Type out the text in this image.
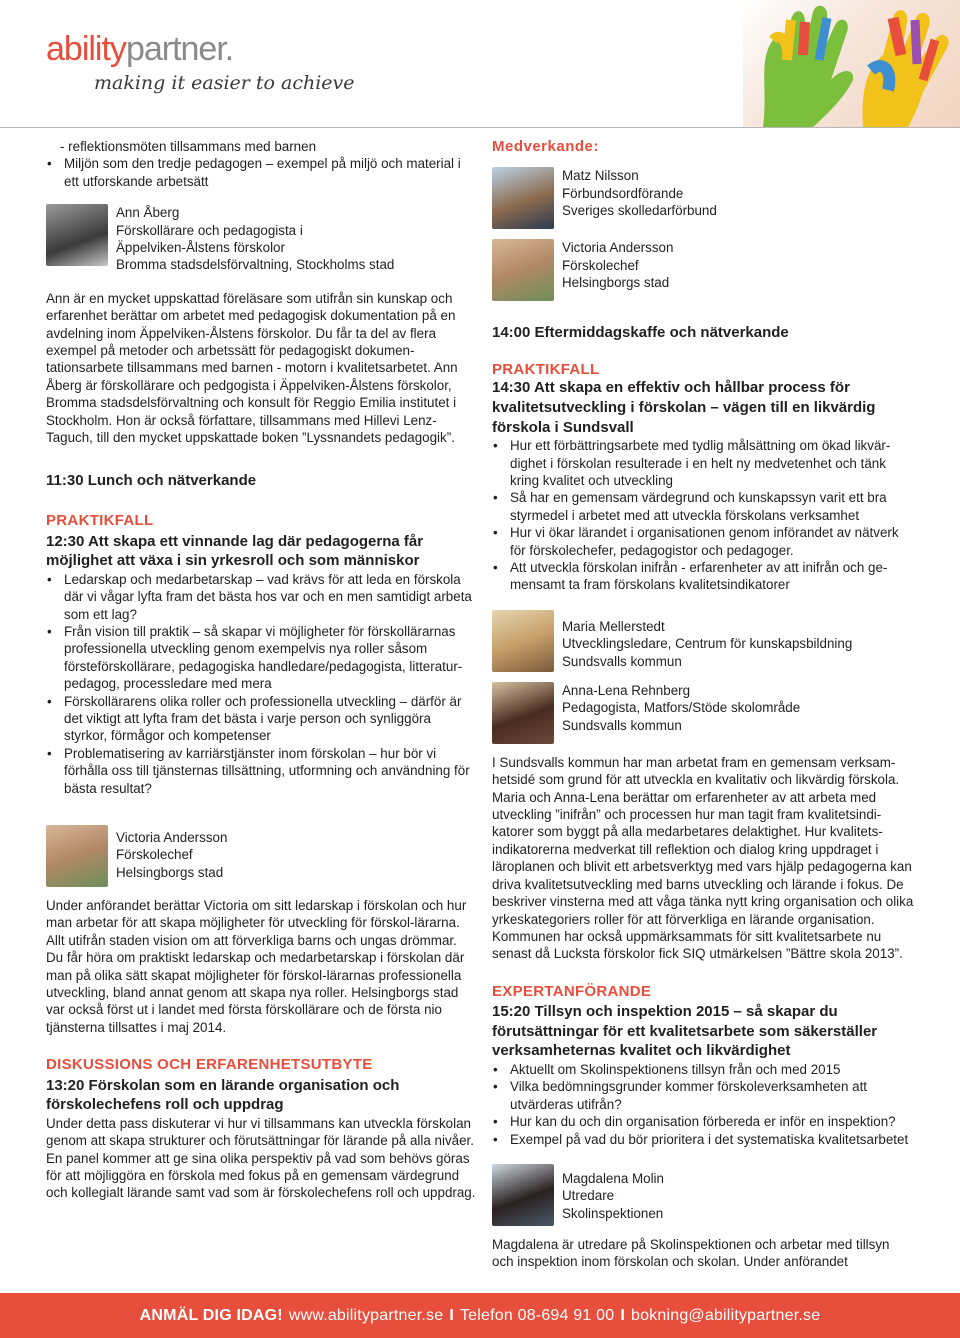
abilitypartner.
making it easier to achieve

- reflektionsmöten tillsammans med barnen

• Miljön som den tredje pedagogen – exempel på miljö och material i ett utforskande arbetsätt
Ann Åberg
Förskollärare och pedagogista i
Äppelviken-Ålstens förskolor
Bromma stadsdelsförvaltning, Stockholms stad

Ann är en mycket uppskattad föreläsare som utifrån sin kunskap och erfarenhet berättar om arbetet med pedagogisk dokumentation på en avdelning inom Äppelviken-Ålstens förskolor. Du får ta del av flera exempel på metoder och arbetssätt för pedagogiskt dokumen-tationsarbete tillsammans med barnen - motorn i kvalitetsarbetet. Ann Åberg är förskollärare och pedgogista i Äppelviken-Ålstens förskolor, Bromma stadsdelsförvaltning och konsult för Reggio Emilia institutet i Stockholm. Hon är också författare, tillsammans med Hillevi Lenz-Taguch, till den mycket uppskattade boken ”Lyssnandets pedagogik”.

11:30 Lunch och nätverkande

PRAKTIKFALL

12:30 Att skapa ett vinnande lag där pedagogerna får möjlighet att växa i sin yrkesroll och som människor

• Ledarskap och medarbetarskap – vad krävs för att leda en förskola där vi vågar lyfta fram det bästa hos var och en men samtidigt arbeta som ett lag?
• Från vision till praktik – så skapar vi möjligheter för förskollärarnas professionella utveckling genom exempelvis nya roller såsom försteförskollärare, pedagogiska handledare/pedagogista, litteratur-pedagog, processledare med mera
• Förskollärarens olika roller och professionella utveckling – därför är det viktigt att lyfta fram det bästa i varje person och synliggöra styrkor, förmågor och kompetenser
• Problematisering av karriärstjänster inom förskolan – hur bör vi förhålla oss till tjänsternas tillsättning, utformning och användning för bästa resultat?
Victoria Andersson
Förskolechef
Helsingborgs stad

Under anförandet berättar Victoria om sitt ledarskap i förskolan och hur man arbetar för att skapa möjligheter för utveckling för förskol-lärarna. Allt utifrån staden vision om att förverkliga barns och ungas drömmar. Du får höra om praktiskt ledarskap och medarbetarskap i förskolan där man på olika sätt skapat möjligheter för förskol-lärarnas professionella utveckling, bland annat genom att skapa nya roller. Helsingborgs stad var också först ut i landet med första förskollärare och de första nio tjänsterna tillsattes i maj 2014.

DISKUSSIONS OCH ERFARENHETSUTBYTE

13:20 Förskolan som en lärande organisation och förskolechefens roll och uppdrag

Under detta pass diskuterar vi hur vi tillsammans kan utveckla förskolan genom att skapa strukturer och förutsättningar för lärande på alla nivåer. En panel kommer att ge sina olika perspektiv på vad som behövs göras för att möjliggöra en förskola med fokus på en gemensam värdegrund och kollegialt lärande samt vad som är förskolechefens roll och uppdrag.

Medverkande:

Matz Nilsson
Förbundsordförande
Sveriges skolledarförbund
Victoria Andersson
Förskolechef
Helsingborgs stad

14:00 Eftermiddagskaffe och nätverkande

PRAKTIKFALL

14:30 Att skapa en effektiv och hållbar process för kvalitetsutveckling i förskolan – vägen till en likvärdig förskola i Sundsvall

• Hur ett förbättringsarbete med tydlig målsättning om ökad likvär-dighet i förskolan resulterade i en helt ny medvetenhet och tänk kring kvalitet och utveckling
• Så har en gemensam värdegrund och kunskapssyn varit ett bra styrmedel i arbetet med att utveckla förskolans verksamhet
• Hur vi ökar lärandet i organisationen genom införandet av nätverk för förskolechefer, pedagogistor och pedagoger.
• Att utveckla förskolan inifrån - erfarenheter av att inifrån och ge-mensamt ta fram förskolans kvalitetsindikatorer
Maria Mellerstedt
Utvecklingsledare, Centrum för kunskapsbildning
Sundsvalls kommun
Anna-Lena Rehnberg
Pedagogista, Matfors/Stöde skolområde
Sundsvalls kommun

I Sundsvalls kommun har man arbetat fram en gemensam verksam-hetsidé som grund för att utveckla en kvalitativ och likvärdig förskola. Maria och Anna-Lena berättar om erfarenheter av att arbeta med utveckling ”inifrån” och processen hur man tagit fram kvalitetsindi-katorer som byggt på alla medarbetares delaktighet. Hur kvalitets-indikatorerna medverkat till reflektion och dialog kring uppdraget i läroplanen och blivit ett arbetsverktyg med vars hjälp pedagogerna kan driva kvalitetsutveckling med barns utveckling och lärande i fokus. De beskriver vinsterna med att våga tänka nytt kring organisation och olika yrkeskategoriers roller för att förverkliga en lärande organisation. Kommunen har också uppmärksammats för sitt kvalitetsarbete nu senast då Lucksta förskolor fick SIQ utmärkelsen ”Bättre skola 2013”.

EXPERTANFÖRANDE

15:20 Tillsyn och inspektion 2015 – så skapar du förutsättningar för ett kvalitetsarbete som säkerställer verksamheternas kvalitet och likvärdighet

• Aktuellt om Skolinspektionens tillsyn från och med 2015
• Vilka bedömningsgrunder kommer förskoleverksamheten att utvärderas utifrån?
• Hur kan du och din organisation förbereda er inför en inspektion?
• Exempel på vad du bör prioritera i det systematiska kvalitetsarbetet
Magdalena Molin
Utredare
Skolinspektionen

Magdalena är utredare på Skolinspektionen och arbetar med tillsyn och inspektion inom förskolan och skolan. Under anförandet

ANMÄL DIG IDAG! www.abilitypartner.se I Telefon 08-694 91 00 I bokning@abilitypartner.se
